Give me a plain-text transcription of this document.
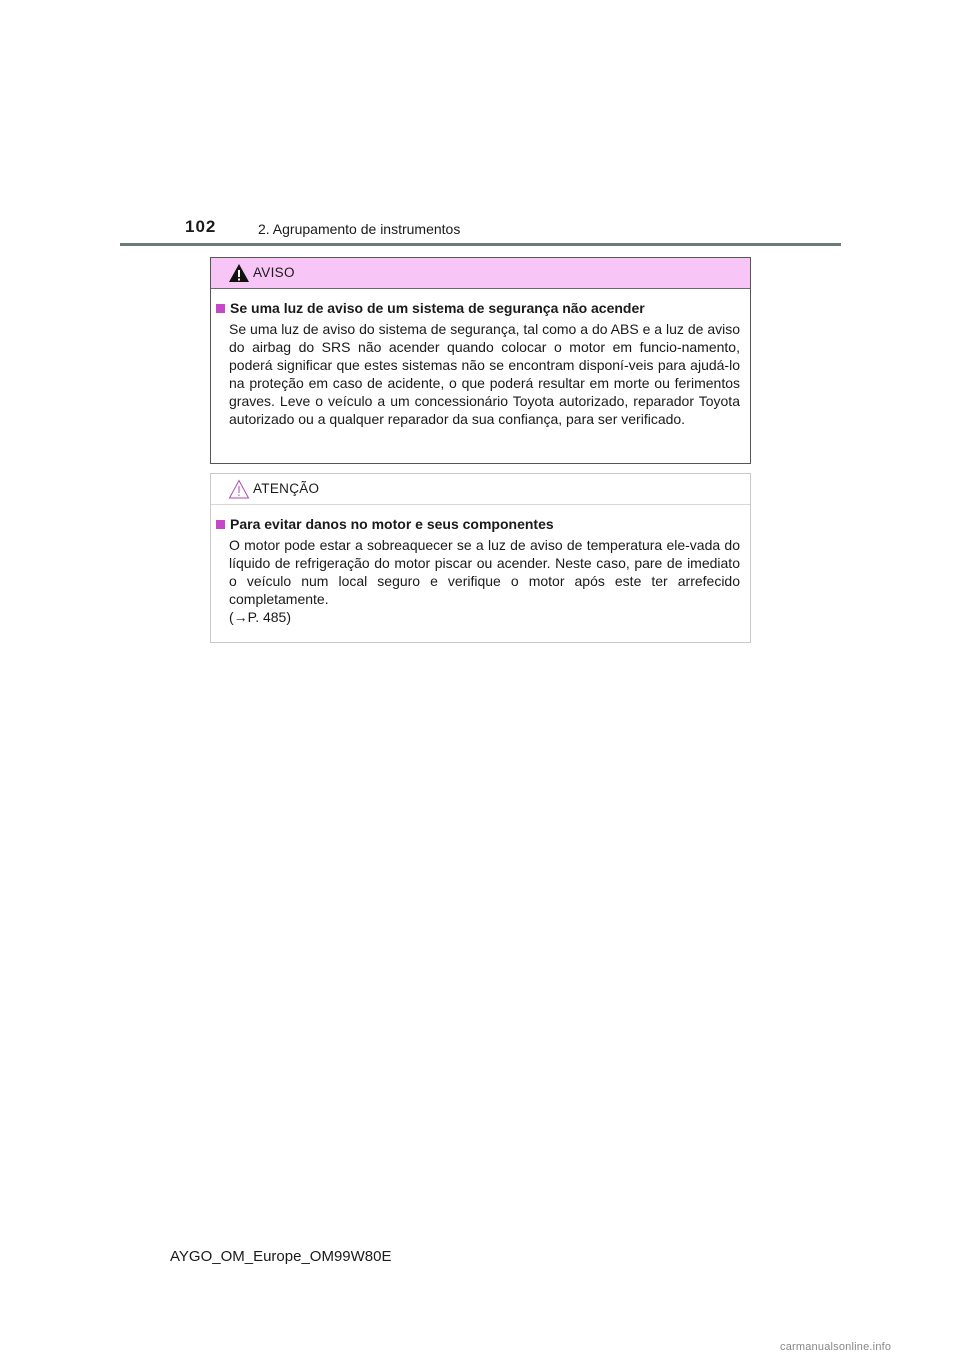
102	2. Agrupamento de instrumentos
AVISO
Se uma luz de aviso de um sistema de segurança não acender

Se uma luz de aviso do sistema de segurança, tal como a do ABS e a luz de aviso do airbag do SRS não acender quando colocar o motor em funcio-namento, poderá significar que estes sistemas não se encontram disponí-veis para ajudá-lo na proteção em caso de acidente, o que poderá resultar em morte ou ferimentos graves. Leve o veículo a um concessionário Toyota autorizado, reparador Toyota autorizado ou a qualquer reparador da sua confiança, para ser verificado.

ATENÇÃO
Para evitar danos no motor e seus componentes

O motor pode estar a sobreaquecer se a luz de aviso de temperatura ele-vada do líquido de refrigeração do motor piscar ou acender. Neste caso, pare de imediato o veículo num local seguro e verifique o motor após este ter arrefecido completamente.
(→P. 485)

AYGO_OM_Europe_OM99W80E
carmanualsonline.info
